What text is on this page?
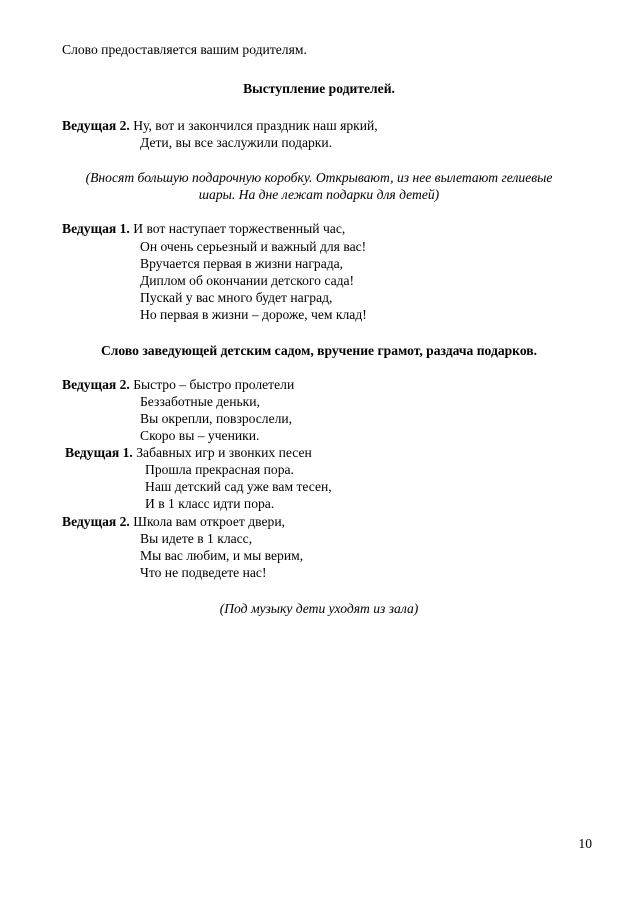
Слово предоставляется вашим родителям.
Выступление родителей.
Ведущая 2. Ну, вот и закончился праздник наш яркий,
Дети, вы все заслужили подарки.
(Вносят большую подарочную коробку. Открывают, из нее вылетают гелиевые
шары. На дне лежат подарки для детей)
Ведущая 1. И вот наступает торжественный час,
Он очень серьезный и важный для вас!
Вручается первая в жизни награда,
Диплом об окончании детского сада!
Пускай у вас много будет наград,
Но первая в жизни – дороже, чем клад!
Слово заведующей детским садом, вручение грамот, раздача подарков.
Ведущая 2. Быстро – быстро пролетели
Беззаботные деньки,
Вы окрепли, повзрослели,
Скоро вы – ученики.
Ведущая 1. Забавных игр и звонких песен
Прошла прекрасная пора.
Наш детский сад уже вам тесен,
И в 1 класс идти пора.
Ведущая 2. Школа вам откроет двери,
Вы идете в 1 класс,
Мы вас любим, и мы верим,
Что не подведете нас!
(Под музыку дети уходят из зала)
10
